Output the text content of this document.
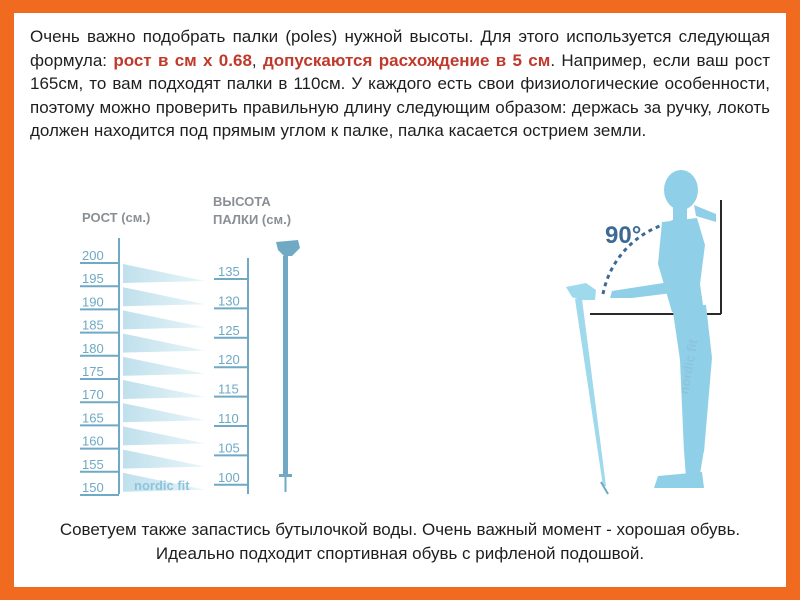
Очень важно подобрать палки (poles) нужной высоты. Для этого используется следующая формула: рост в см x 0.68, допускаются расхождение в 5 см. Например, если ваш рост 165см, то вам подходят палки в 110см. У каждого есть свои физиологические особенности, поэтому можно проверить правильную длину следующим образом: держась за ручку, локоть должен находится под прямым углом к палке, палка касается острием земли.

Советуем также запастись бутылочкой воды. Очень важный момент - хорошая обувь. Идеально подходит спортивная обувь с рифленой подошвой.

РОСТ (см.)
ВЫСОТА
ПАЛКИ (см.)
200
195
190
185
180
175
170
165
160
155
150
135
130
125
120
115
110
105
100
nordic fit
90°
nordic fit
